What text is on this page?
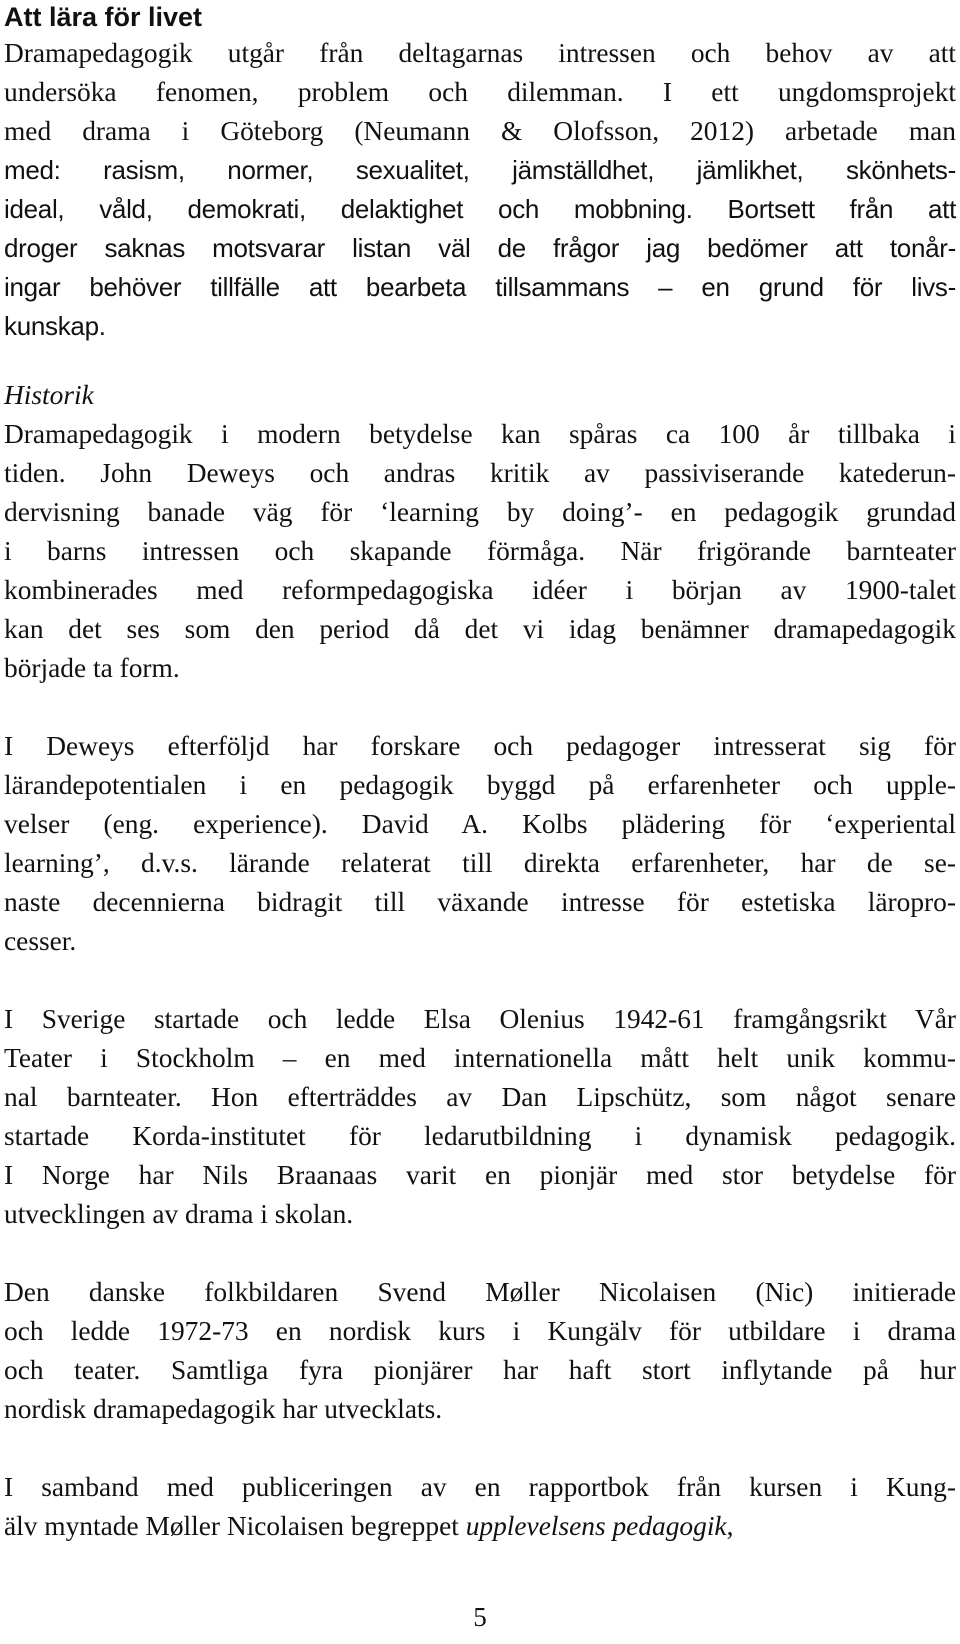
Att lära för livet

Dramapedagogik utgår från deltagarnas intressen och behov av att

undersöka fenomen, problem och dilemman. I ett ungdomsprojekt

med drama i Göteborg (Neumann & Olofsson, 2012) arbetade man

med: rasism, normer, sexualitet, jämställdhet, jämlikhet, skönhets-

ideal, våld, demokrati, delaktighet och mobbning. Bortsett från att

droger saknas motsvarar listan väl de frågor jag bedömer att tonår-

ingar behöver tillfälle att bearbeta tillsammans – en grund för livs-

kunskap.

Historik

Dramapedagogik i modern betydelse kan spåras ca 100 år tillbaka i

tiden. John Deweys och andras kritik av passiviserande katederun-

dervisning banade väg för ‘learning by doing’- en pedagogik grundad

i barns intressen och skapande förmåga. När frigörande barnteater

kombinerades med reformpedagogiska idéer i början av 1900-talet

kan det ses som den period då det vi idag benämner dramapedagogik

började ta form.

I Deweys efterföljd har forskare och pedagoger intresserat sig för

lärandepotentialen i en pedagogik byggd på erfarenheter och upple-

velser (eng. experience). David A. Kolbs plädering för ‘experiental

learning’, d.v.s. lärande relaterat till direkta erfarenheter, har de se-

naste decennierna bidragit till växande intresse för estetiska läropro-

cesser.

I Sverige startade och ledde Elsa Olenius 1942-61 framgångsrikt Vår

Teater i Stockholm – en med internationella mått helt unik kommu-

nal barnteater. Hon efterträddes av Dan Lipschütz, som något senare

startade Korda-institutet för ledarutbildning i dynamisk pedagogik.

I Norge har Nils Braanaas varit en pionjär med stor betydelse för

utvecklingen av drama i skolan.

Den danske folkbildaren Svend Møller Nicolaisen (Nic) initierade

och ledde 1972-73 en nordisk kurs i Kungälv för utbildare i drama

och teater. Samtliga fyra pionjärer har haft stort inflytande på hur

nordisk dramapedagogik har utvecklats.

I samband med publiceringen av en rapportbok från kursen i Kung-

älv myntade Møller Nicolaisen begreppet upplevelsens pedagogik,

5
